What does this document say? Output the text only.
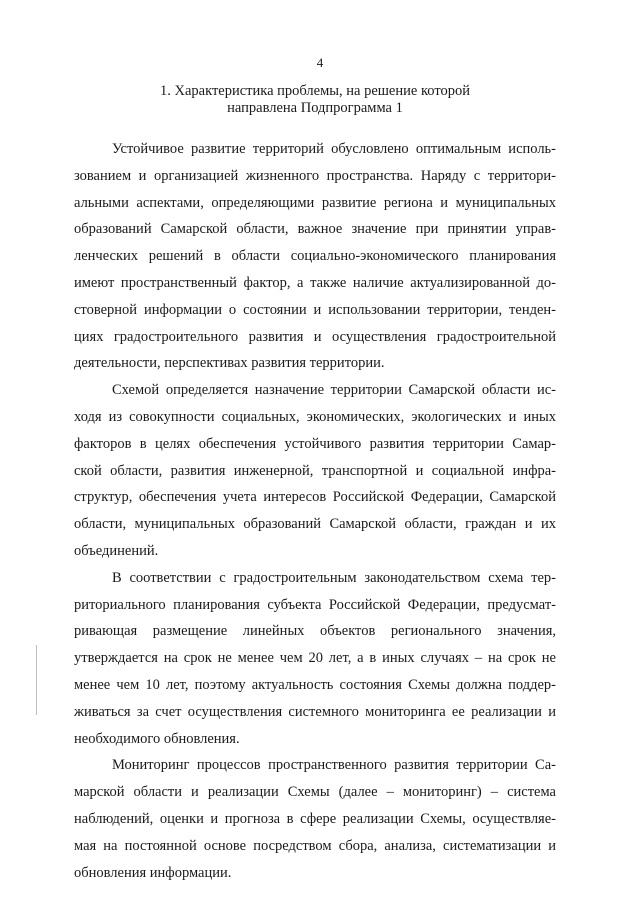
4
1. Характеристика проблемы, на решение которой
направлена Подпрограмма 1

Устойчивое развитие территорий обусловлено оптимальным исполь-
зованием и организацией жизненного пространства. Наряду с территори-
альными аспектами, определяющими развитие региона и муниципальных
образований Самарской области, важное значение при принятии управ-
ленческих решений в области социально-экономического планирования
имеют пространственный фактор, а также наличие актуализированной до-
стоверной информации о состоянии и использовании территории, тенден-
циях градостроительного развития и осуществления градостроительной
деятельности, перспективах развития территории.

Схемой определяется назначение территории Самарской области ис-
ходя из совокупности социальных, экономических, экологических и иных
факторов в целях обеспечения устойчивого развития территории Самар-
ской области, развития инженерной, транспортной и социальной инфра-
структур, обеспечения учета интересов Российской Федерации, Самарской
области, муниципальных образований Самарской области, граждан и их
объединений.

В соответствии с градостроительным законодательством схема тер-
риториального планирования субъекта Российской Федерации, предусмат-
ривающая размещение линейных объектов регионального значения,
утверждается на срок не менее чем 20 лет, а в иных случаях – на срок не
менее чем 10 лет, поэтому актуальность состояния Схемы должна поддер-
живаться за счет осуществления системного мониторинга ее реализации и
необходимого обновления.

Мониторинг процессов пространственного развития территории Са-
марской области и реализации Схемы (далее – мониторинг) – система
наблюдений, оценки и прогноза в сфере реализации Схемы, осуществляе-
мая на постоянной основе посредством сбора, анализа, систематизации и
обновления информации.
